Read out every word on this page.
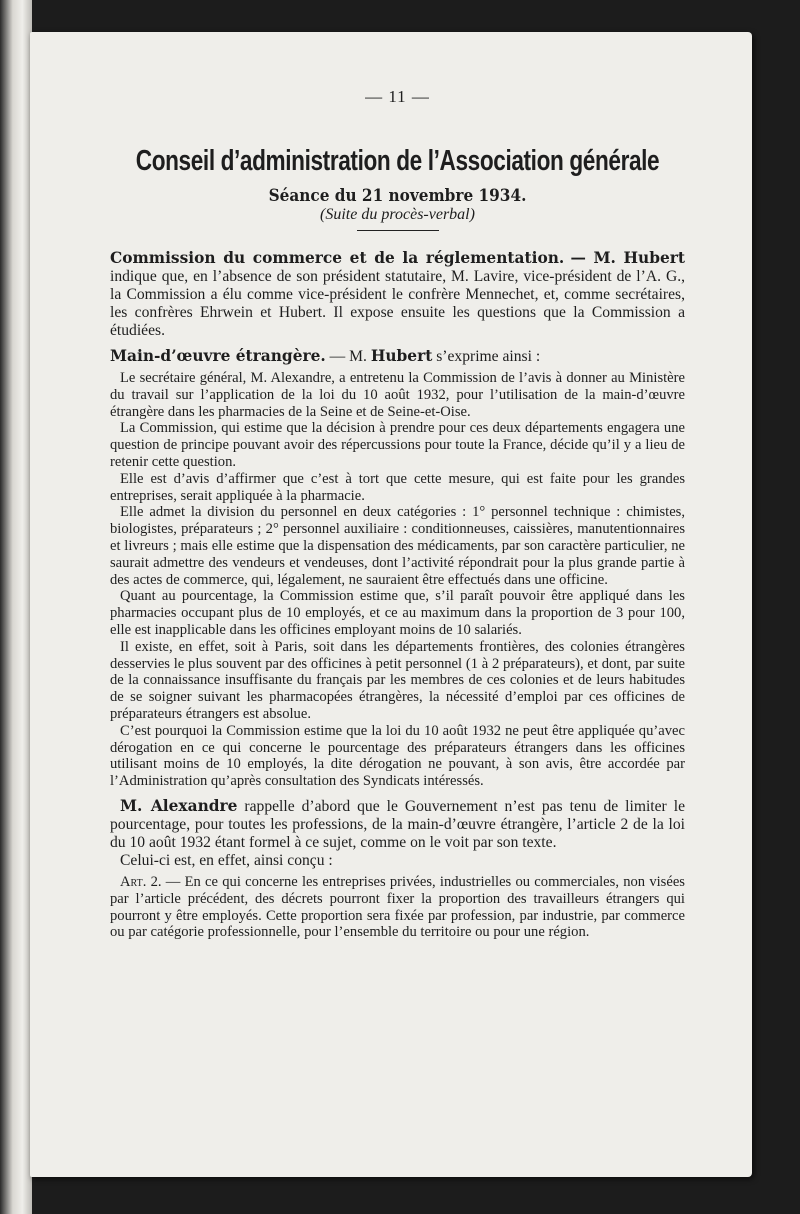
— 11 —
Conseil d’administration de l’Association générale
Séance du 21 novembre 1934.
(Suite du procès-verbal)

Commission du commerce et de la réglementation. — M. Hubert indique que, en l’absence de son président statutaire, M. Lavire, vice-président de l’A. G., la Commission a élu comme vice-président le confrère Mennechet, et, comme secrétaires, les confrères Ehrwein et Hubert. Il expose ensuite les questions que la Commission a étudiées.

Main-d’œuvre étrangère. — M. Hubert s’exprime ainsi :

Le secrétaire général, M. Alexandre, a entretenu la Commission de l’avis à donner au Ministère du travail sur l’application de la loi du 10 août 1932, pour l’utilisation de la main-d’œuvre étrangère dans les pharmacies de la Seine et de Seine-et-Oise.

La Commission, qui estime que la décision à prendre pour ces deux départements engagera une question de principe pouvant avoir des répercussions pour toute la France, décide qu’il y a lieu de retenir cette question.

Elle est d’avis d’affirmer que c’est à tort que cette mesure, qui est faite pour les grandes entreprises, serait appliquée à la pharmacie.

Elle admet la division du personnel en deux catégories : 1° personnel technique : chimistes, biologistes, préparateurs ; 2° personnel auxiliaire : conditionneuses, caissières, manutentionnaires et livreurs ; mais elle estime que la dispensation des médicaments, par son caractère particulier, ne saurait admettre des vendeurs et vendeuses, dont l’activité répondrait pour la plus grande partie à des actes de commerce, qui, légalement, ne sauraient être effectués dans une officine.

Quant au pourcentage, la Commission estime que, s’il paraît pouvoir être appliqué dans les pharmacies occupant plus de 10 employés, et ce au maximum dans la proportion de 3 pour 100, elle est inapplicable dans les officines employant moins de 10 salariés.

Il existe, en effet, soit à Paris, soit dans les départements frontières, des colonies étrangères desservies le plus souvent par des officines à petit personnel (1 à 2 préparateurs), et dont, par suite de la connaissance insuffisante du français par les membres de ces colonies et de leurs habitudes de se soigner suivant les pharmacopées étrangères, la nécessité d’emploi par ces officines de préparateurs étrangers est absolue.

C’est pourquoi la Commission estime que la loi du 10 août 1932 ne peut être appliquée qu’avec dérogation en ce qui concerne le pourcentage des préparateurs étrangers dans les officines utilisant moins de 10 employés, la dite dérogation ne pouvant, à son avis, être accordée par l’Administration qu’après consultation des Syndicats intéressés.

M. Alexandre rappelle d’abord que le Gouvernement n’est pas tenu de limiter le pourcentage, pour toutes les professions, de la main-d’œuvre étrangère, l’article 2 de la loi du 10 août 1932 étant formel à ce sujet, comme on le voit par son texte.

Celui-ci est, en effet, ainsi conçu :

Art. 2. — En ce qui concerne les entreprises privées, industrielles ou commerciales, non visées par l’article précédent, des décrets pourront fixer la proportion des travailleurs étrangers qui pourront y être employés. Cette proportion sera fixée par profession, par industrie, par commerce ou par catégorie professionnelle, pour l’ensemble du territoire ou pour une région.
